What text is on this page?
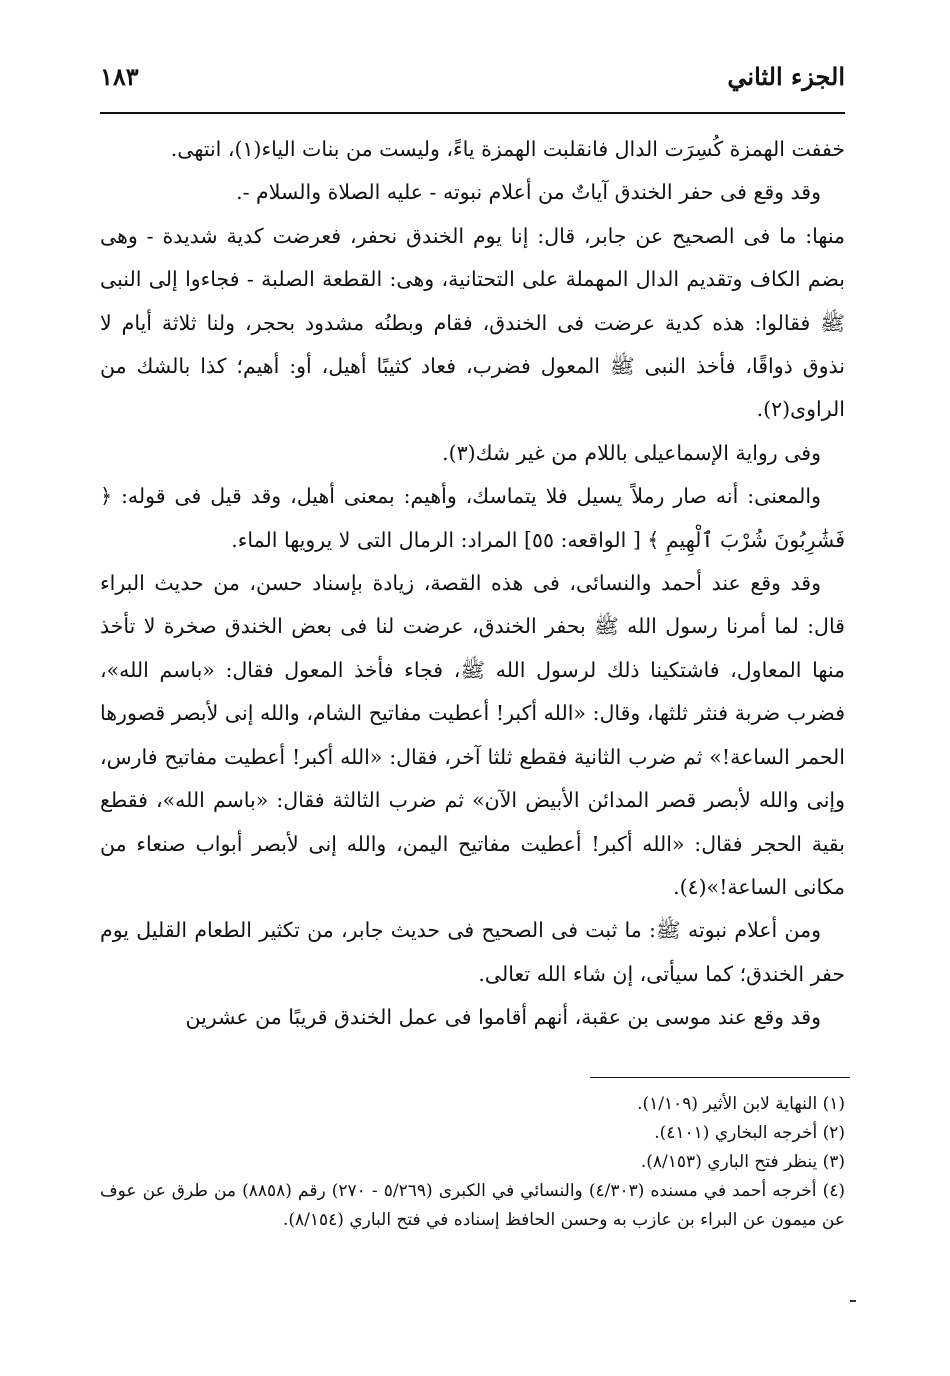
الجزء الثاني
١٨٣

خففت الهمزة كُسِرَت الدال فانقلبت الهمزة ياءً، وليست من بنات الياء(١)، انتهى.

وقد وقع فى حفر الخندق آياتٌ من أعلام نبوته - عليه الصلاة والسلام -.

منها: ما فى الصحيح عن جابر، قال: إنا يوم الخندق نحفر، فعرضت كدية شديدة - وهى بضم الكاف وتقديم الدال المهملة على التحتانية، وهى: القطعة الصلبة - فجاءوا إلى النبى ﷺ فقالوا: هذه كدية عرضت فى الخندق، فقام وبطنُه مشدود بحجر، ولنا ثلاثة أيام لا نذوق ذواقًا، فأخذ النبى ﷺ المعول فضرب، فعاد كثيبًا أهيل، أو: أهيم؛ كذا بالشك من الراوى(٢).

وفى رواية الإسماعيلى باللام من غير شك(٣).

والمعنى: أنه صار رملاً يسيل فلا يتماسك، وأهيم: بمعنى أهيل، وقد قيل فى قوله: ﴿ فَشَٰرِبُونَ شُرْبَ ٱلْهِيمِ ﴾ [ الواقعه: ٥٥] المراد: الرمال التى لا يرويها الماء.

وقد وقع عند أحمد والنسائى، فى هذه القصة، زيادة بإسناد حسن، من حديث البراء قال: لما أمرنا رسول الله ﷺ بحفر الخندق، عرضت لنا فى بعض الخندق صخرة لا تأخذ منها المعاول، فاشتكينا ذلك لرسول الله ﷺ، فجاء فأخذ المعول فقال: «باسم الله»، فضرب ضربة فنثر ثلثها، وقال: «الله أكبر! أعطيت مفاتيح الشام، والله إنى لأبصر قصورها الحمر الساعة!» ثم ضرب الثانية فقطع ثلثا آخر، فقال: «الله أكبر! أعطيت مفاتيح فارس، وإنى والله لأبصر قصر المدائن الأبيض الآن» ثم ضرب الثالثة فقال: «باسم الله»، فقطع بقية الحجر فقال: «الله أكبر! أعطيت مفاتيح اليمن، والله إنى لأبصر أبواب صنعاء من مكانى الساعة!»(٤).

ومن أعلام نبوته ﷺ: ما ثبت فى الصحيح فى حديث جابر، من تكثير الطعام القليل يوم حفر الخندق؛ كما سيأتى، إن شاء الله تعالى.

وقد وقع عند موسى بن عقبة، أنهم أقاموا فى عمل الخندق قريبًا من عشرين

(١) النهاية لابن الأثير (١/١٠٩).

(٢) أخرجه البخاري (٤١٠١).

(٣) ينظر فتح الباري (٨/١٥٣).

(٤) أخرجه أحمد في مسنده (٤/٣٠٣) والنسائي في الكبرى (٥/٢٦٩ - ٢٧٠) رقم (٨٨٥٨) من طرق عن عوف عن ميمون عن البراء بن عازب به وحسن الحافظ إسناده في فتح الباري (٨/١٥٤).
